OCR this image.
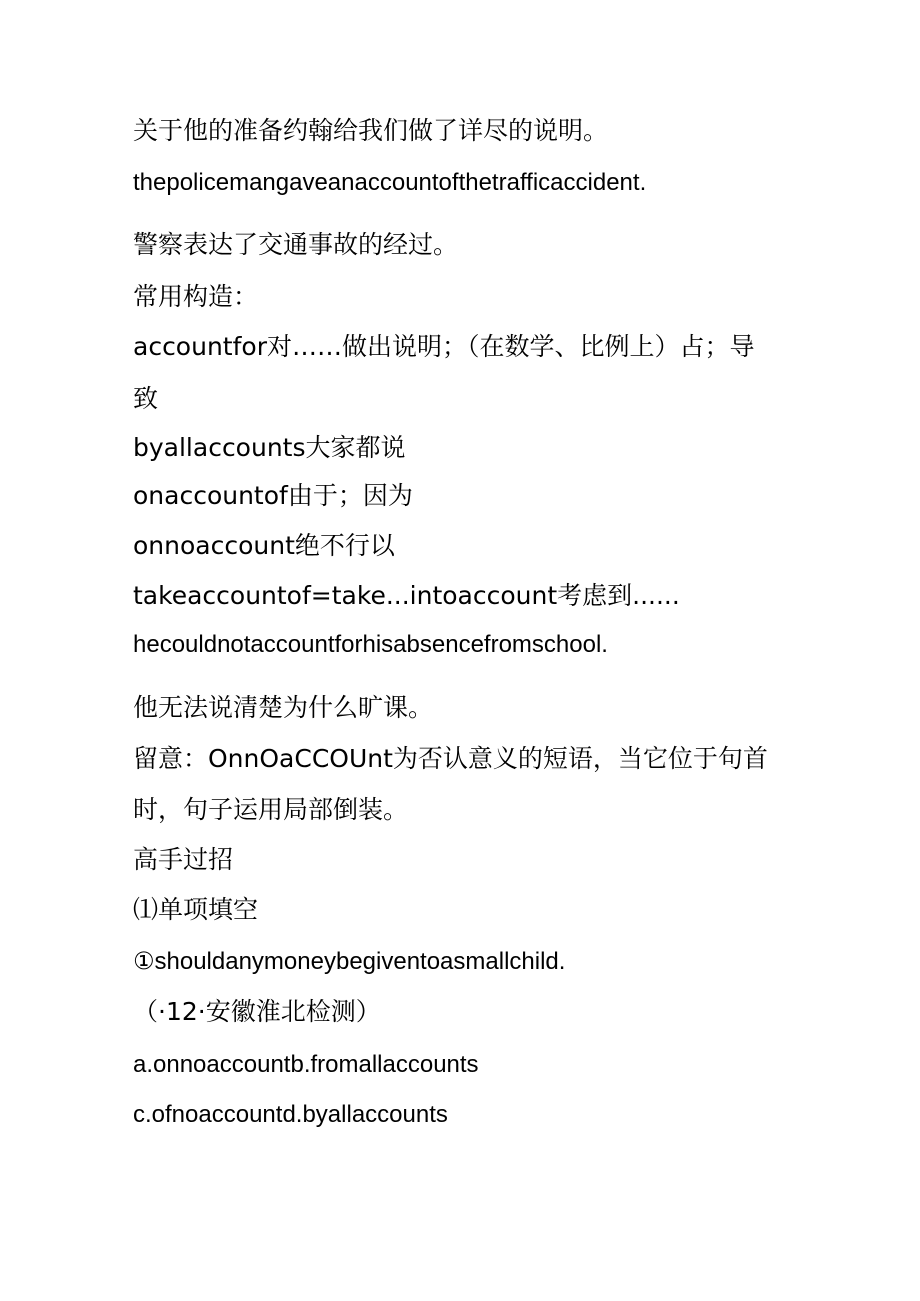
关于他的准备约翰给我们做了详尽的说明。
thepolicemangaveanaccountofthetrafficaccident.
警察表达了交通事故的经过。
常用构造：
accountfor对……做出说明；（在数学、比例上）占；导
致
byallaccounts大家都说
onaccountof由于；因为
onnoaccount绝不行以
takeaccountof=take...intoaccount考虑到......
hecouldnotaccountforhisabsencefromschool.
他无法说清楚为什么旷课。
留意：OnnOaCCOUnt为否认意义的短语，当它位于句首
时，句子运用局部倒装。
高手过招
⑴单项填空
①shouldanymoneybegiventoasmallchild.
（·12·安徽淮北检测）
a.onnoaccountb.fromallaccounts
c.ofnoaccountd.byallaccounts
